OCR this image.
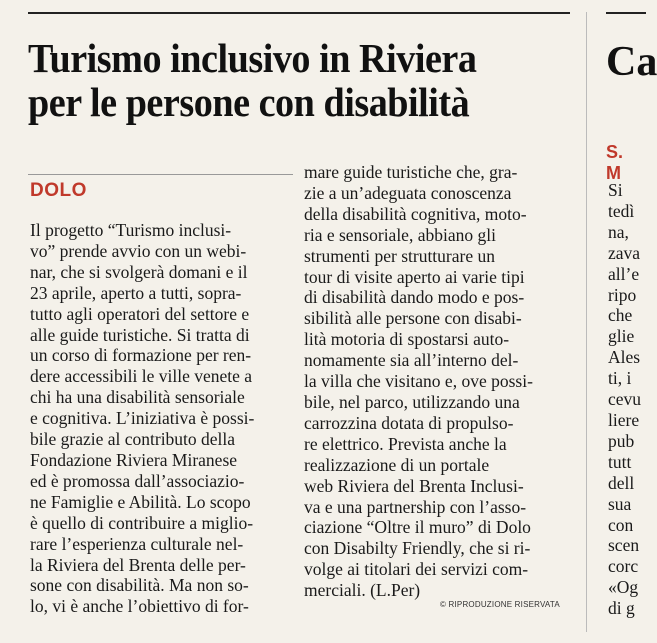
Turismo inclusivo in Riviera
per le persone con disabilità
DOLO
Il progetto “Turismo inclusi-
vo” prende avvio con un webi-
nar, che si svolgerà domani e il
23 aprile, aperto a tutti, sopra-
tutto agli operatori del settore e
alle guide turistiche. Si tratta di
un corso di formazione per ren-
dere accessibili le ville venete a
chi ha una disabilità sensoriale
e cognitiva. L’iniziativa è possi-
bile grazie al contributo della
Fondazione Riviera Miranese
ed è promossa dall’associazio-
ne Famiglie e Abilità. Lo scopo
è quello di contribuire a miglio-
rare l’esperienza culturale nel-
la Riviera del Brenta delle per-
sone con disabilità. Ma non so-
lo, vi è anche l’obiettivo di for-
mare guide turistiche che, gra-
zie a un’adeguata conoscenza
della disabilità cognitiva, moto-
ria e sensoriale, abbiano gli
strumenti per strutturare un
tour di visite aperto ai varie tipi
di disabilità dando modo e pos-
sibilità alle persone con disabi-
lità motoria di spostarsi auto-
nomamente sia all’interno del-
la villa che visitano e, ove possi-
bile, nel parco, utilizzando una
carrozzina dotata di propulso-
re elettrico. Prevista anche la
realizzazione di un portale
web Riviera del Brenta Inclusi-
va e una partnership con l’asso-
ciazione “Oltre il muro” di Dolo
con Disabilty Friendly, che si ri-
volge ai titolari dei servizi com-
merciali. (L.Per)
© RIPRODUZIONE RISERVATA
Ca
S. M
Si
tedì
na,
zava
all’e
ripo
che
glie
Ales
ti, i
cevu
liere
pub
tutt
dell
sua
con
scen
corc
«Og
di g
